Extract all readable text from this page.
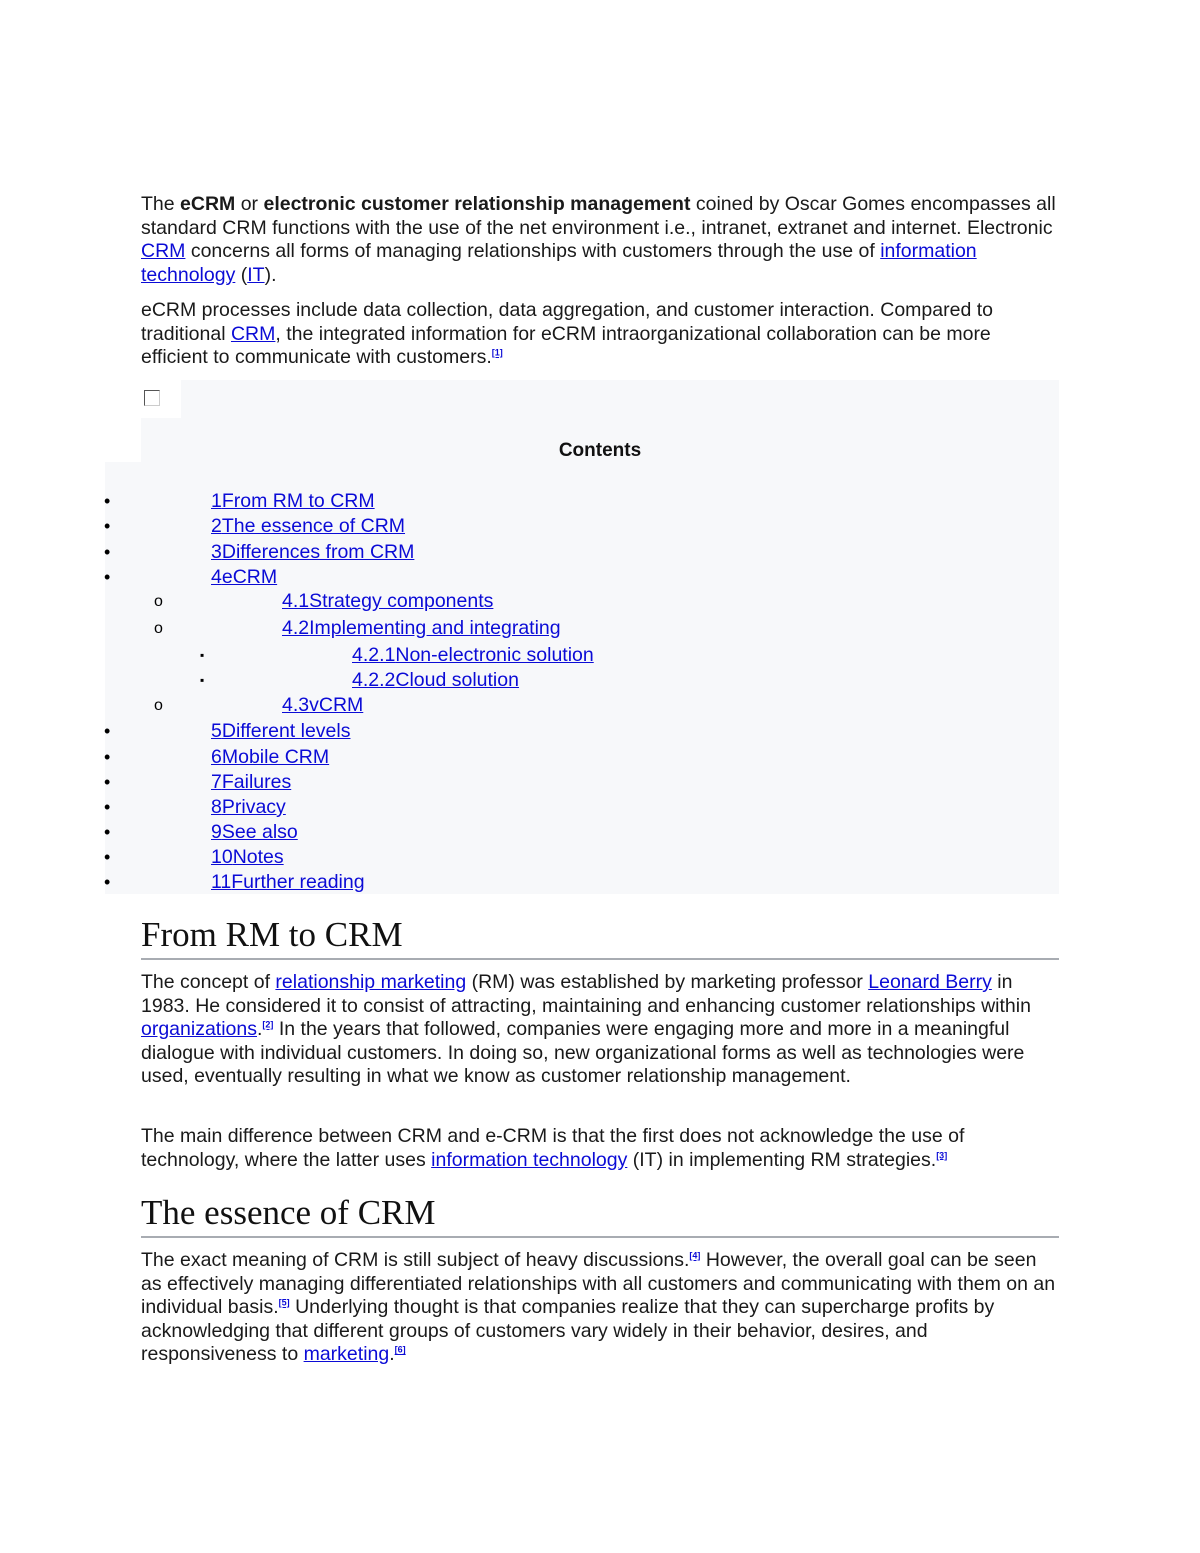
The eCRM or electronic customer relationship management coined by Oscar Gomes encompasses all standard CRM functions with the use of the net environment i.e., intranet, extranet and internet. Electronic CRM concerns all forms of managing relationships with customers through the use of information technology (IT).

eCRM processes include data collection, data aggregation, and customer interaction. Compared to traditional CRM, the integrated information for eCRM intraorganizational collaboration can be more efficient to communicate with customers.[1]

Contents
•	1From RM to CRM
•	2The essence of CRM
•	3Differences from CRM
•	4eCRM
o	4.1Strategy components
o	4.2Implementing and integrating
▪	4.2.1Non-electronic solution
▪	4.2.2Cloud solution
o	4.3vCRM
•	5Different levels
•	6Mobile CRM
•	7Failures
•	8Privacy
•	9See also
•	10Notes
•	11Further reading
From RM to CRM

The concept of relationship marketing (RM) was established by marketing professor Leonard Berry in 1983. He considered it to consist of attracting, maintaining and enhancing customer relationships within organizations.[2] In the years that followed, companies were engaging more and more in a meaningful dialogue with individual customers. In doing so, new organizational forms as well as technologies were used, eventually resulting in what we know as customer relationship management.

The main difference between CRM and e-CRM is that the first does not acknowledge the use of technology, where the latter uses information technology (IT) in implementing RM strategies.[3]

The essence of CRM

The exact meaning of CRM is still subject of heavy discussions.[4] However, the overall goal can be seen as effectively managing differentiated relationships with all customers and communicating with them on an individual basis.[5] Underlying thought is that companies realize that they can supercharge profits by acknowledging that different groups of customers vary widely in their behavior, desires, and responsiveness to marketing.[6]
